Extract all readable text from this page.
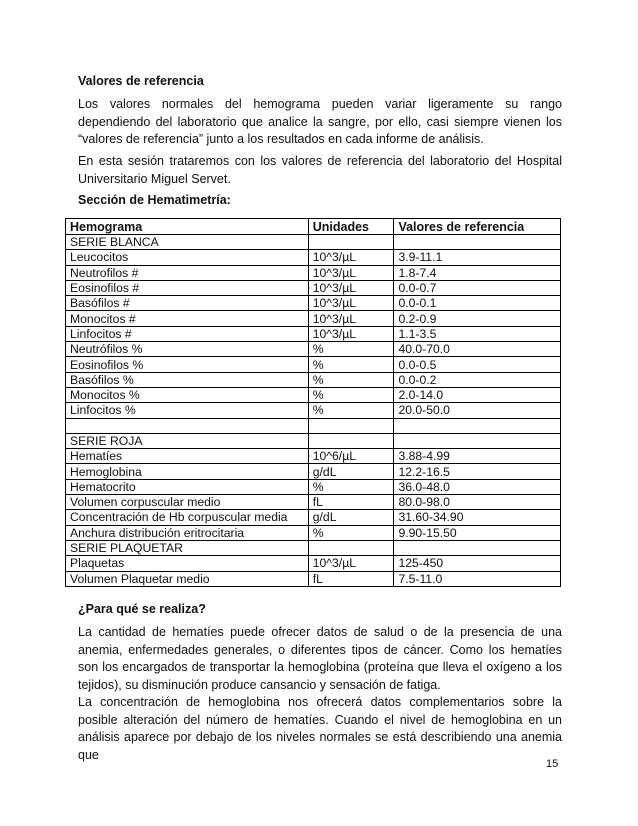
Valores de referencia

Los valores normales del hemograma pueden variar ligeramente su rango dependiendo del laboratorio que analice la sangre, por ello, casi siempre vienen los “valores de referencia” junto a los resultados en cada informe de análisis.

En esta sesión trataremos con los valores de referencia del laboratorio del Hospital Universitario Miguel Servet.

Sección de Hematimetría:
Hemograma	Unidades	Valores de referencia
SERIE BLANCA		
Leucocitos	10^3/µL	3.9-11.1
Neutrofilos #	10^3/µL	1.8-7.4
Eosinofilos #	10^3/µL	0.0-0.7
Basófilos #	10^3/µL	0.0-0.1
Monocitos #	10^3/µL	0.2-0.9
Linfocitos #	10^3/µL	1.1-3.5
Neutrófilos %	%	40.0-70.0
Eosinofilos %	%	0.0-0.5
Basófilos %	%	0.0-0.2
Monocitos %	%	2.0-14.0
Linfocitos %	%	20.0-50.0

SERIE ROJA		
Hematíes	10^6/µL	3.88-4.99
Hemoglobina	g/dL	12.2-16.5
Hematocrito	%	36.0-48.0
Volumen corpuscular medio	fL	80.0-98.0
Concentración de Hb corpuscular media	g/dL	31.60-34.90
Anchura distribución eritrocitaria	%	9.90-15.50
SERIE PLAQUETAR		
Plaquetas	10^3/µL	125-450
Volumen Plaquetar medio	fL	7.5-11.0
¿Para qué se realiza?

La cantidad de hematíes puede ofrecer datos de salud o de la presencia de una anemia, enfermedades generales, o diferentes tipos de cáncer. Como los hematíes son los encargados de transportar la hemoglobina (proteína que lleva el oxígeno a los tejidos), su disminución produce cansancio y sensación de fatiga.

La concentración de hemoglobina nos ofrecerá datos complementarios sobre la posible alteración del número de hematíes. Cuando el nivel de hemoglobina en un análisis aparece por debajo de los niveles normales se está describiendo una anemia que

15
